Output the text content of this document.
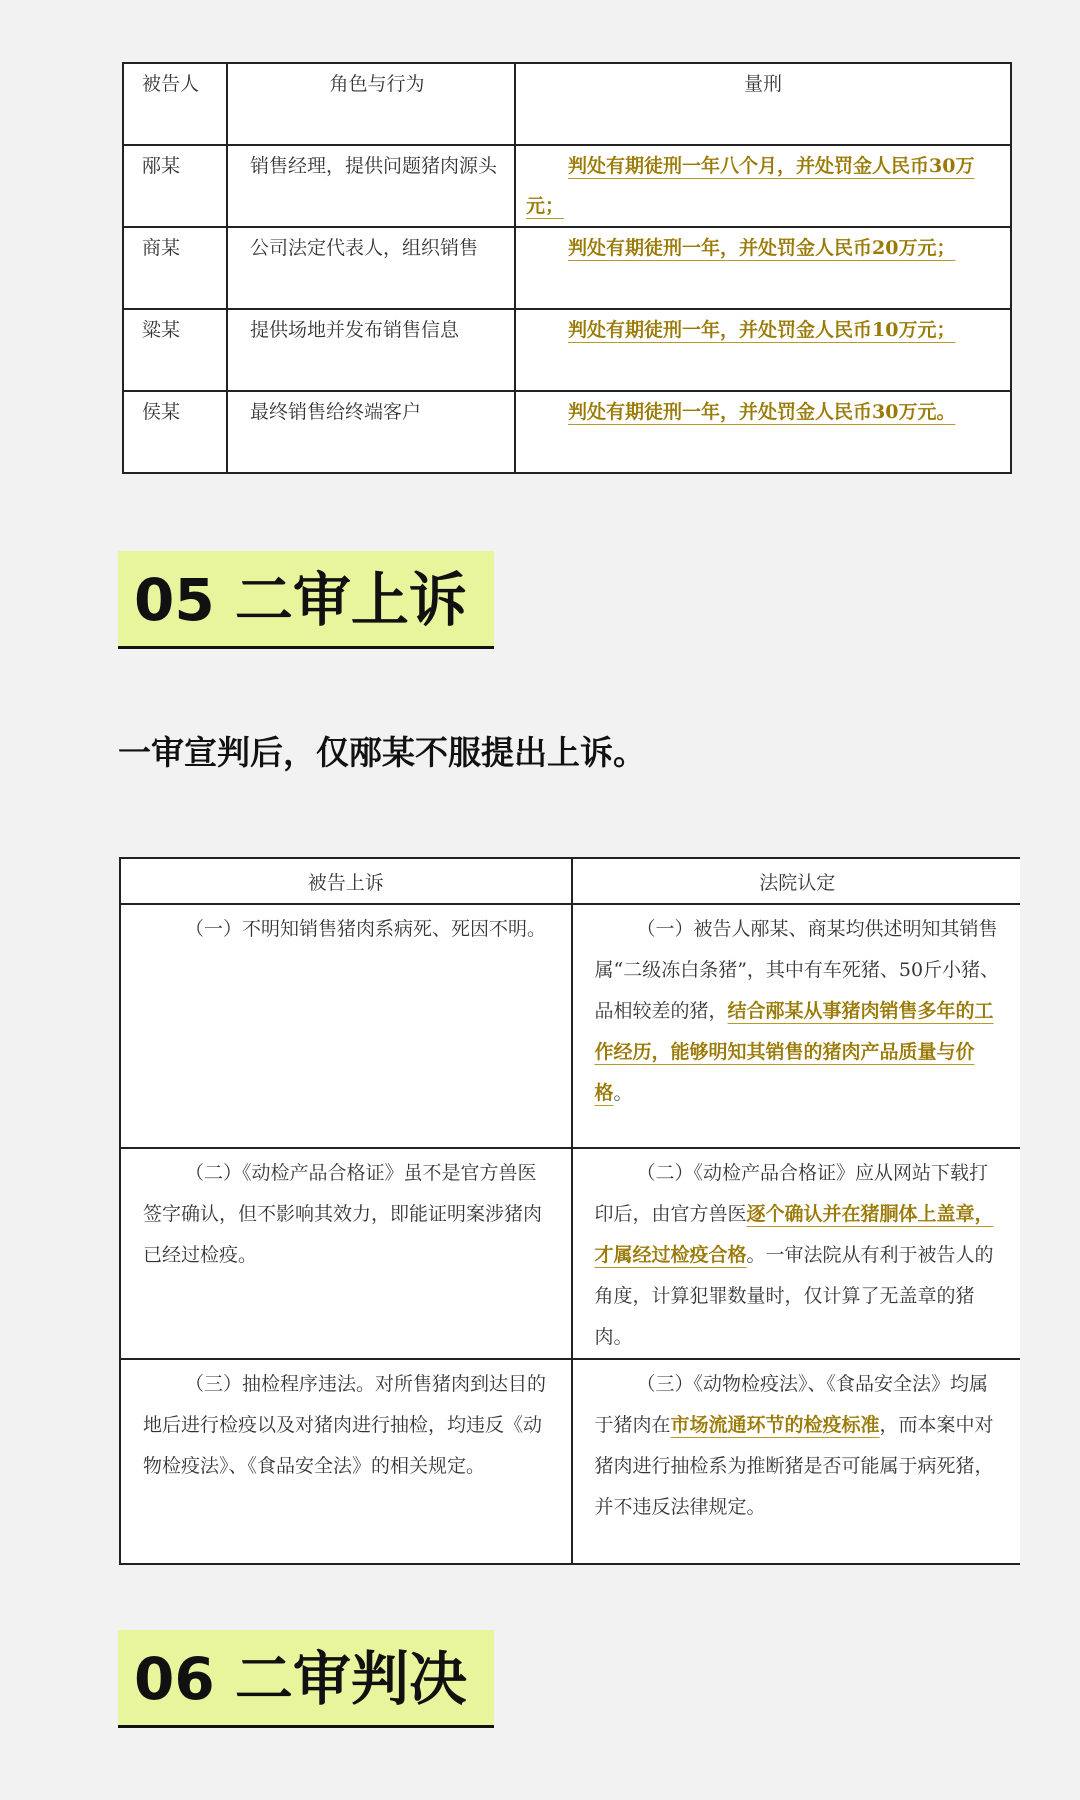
被告人	角色与行为	量刑
邴某	销售经理，提供问题猪肉源头	判处有期徒刑一年八个月，并处罚金人民币30万元；
商某	公司法定代表人，组织销售	判处有期徒刑一年，并处罚金人民币20万元；
粱某	提供场地并发布销售信息	判处有期徒刑一年，并处罚金人民币10万元；
侯某	最终销售给终端客户	判处有期徒刑一年，并处罚金人民币30万元。
05 二审上诉
一审宣判后，仅邴某不服提出上诉。
被告上诉	法院认定
（一）不明知销售猪肉系病死、死因不明。	（一）被告人邴某、商某均供述明知其销售属“二级冻白条猪”，其中有车死猪、50斤小猪、品相较差的猪，结合邴某从事猪肉销售多年的工作经历，能够明知其销售的猪肉产品质量与价格。
（二）《动检产品合格证》虽不是官方兽医签字确认，但不影响其效力，即能证明案涉猪肉已经过检疫。	（二）《动检产品合格证》应从网站下载打印后，由官方兽医逐个确认并在猪胴体上盖章，才属经过检疫合格。一审法院从有利于被告人的角度，计算犯罪数量时，仅计算了无盖章的猪肉。
（三）抽检程序违法。对所售猪肉到达目的地后进行检疫以及对猪肉进行抽检，均违反《动物检疫法》、《食品安全法》的相关规定。	（三）《动物检疫法》、《食品安全法》均属于猪肉在市场流通环节的检疫标准，而本案中对猪肉进行抽检系为推断猪是否可能属于病死猪，并不违反法律规定。
06 二审判决
